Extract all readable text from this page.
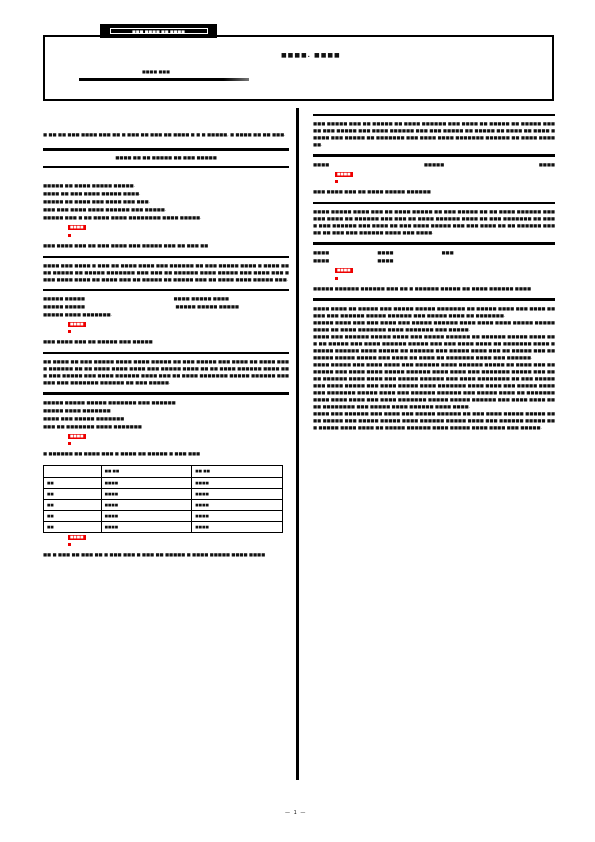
■■■ ■■■■ ■■ ■■■■
■■■■. ■■■■
■■■■ ■■■
■ ■■ ■■ ■■■ ■■■■ ■■■ ■■ ■ ■■■ ■■ ■■■ ■■ ■■■■ ■ ■ ■ ■■■■■, ■ ■■■■ ■■ ■■ ■■■.
■■■■ ■■ ■■ ■■■■■ ■■ ■■■ ■■■■■
■■■■■ ■■ ■■■■ ■■■■■ ■■■■■.
■■■■ ■■ ■■■ ■■■■ ■■■■■ ■■■■.
■■■■■ ■■ ■■■■ ■■■ ■■■■ ■■■ ■■■.
■■■ ■■■ ■■■■ ■■■■ ■■■■■■ ■■■ ■■■■■.
■■■■■ ■■■ ■ ■■ ■■■■ ■■■■ ■■■■■■■■ ■■■■ ■■■■■.
■■■■
■■■ ■■■■ ■■■ ■■ ■■■ ■■■■ ■■■ ■■■■■ ■■■ ■■ ■■■ ■■
■■■■ ■■■ ■■■■ ■ ■■■ ■■ ■■■■ ■■■■ ■■■ ■■■■■■ ■■ ■■■ ■■■■■ ■■■■ ■ ■■■■ ■■■■ ■■■■■ ■■ ■■■■■ ■■■■■■■ ■■■ ■■■ ■■ ■■■■■■ ■■■■ ■■■■■ ■■■ ■■■■ ■■■ ■■■■ ■■■■ ■■■■ ■■ ■■■■ ■■■ ■■ ■■■■■ ■■ ■■■■■ ■■■ ■■ ■■■■ ■■■■ ■■■■■ ■■■.
■■■■■ ■■■■■	■■■■ ■■■■■ ■■■■
■■■■■ ■■■■■	■■■■■ ■■■■■ ■■■■■
■■■■■ ■■■■ ■■■■■■■.
■■■■
■■■ ■■■■ ■■■ ■■ ■■■■■ ■■■ ■■■■■
■■ ■■■■ ■■ ■■■ ■■■■■ ■■■■ ■■■■ ■■■■■ ■■ ■■■ ■■■■■ ■■■ ■■■■ ■■ ■■■■ ■■■■ ■■■■■■ ■■ ■■ ■■■■ ■■■■ ■■■■ ■■■ ■■■■■ ■■■■ ■■ ■■ ■■■■ ■■■■■■ ■■■■ ■■■ ■■■ ■■■■■ ■■■ ■■■■ ■■■■■■ ■■■■ ■■■ ■■ ■■■■ ■■■■■■■ ■■■■■ ■■■■■■ ■■■ ■■■ ■■■ ■■■■■■■ ■■■■■■ ■■ ■■■ ■■■■■.
■■■■■ ■■■■■ ■■■■■ ■■■■■■■ ■■■ ■■■■■■
■■■■■ ■■■■ ■■■■■■■
■■■■ ■■■ ■■■■■ ■■■■■■■
■■■ ■■ ■■■■■■■ ■■■■ ■■■■■■■
■■■■
■ ■■■■■■ ■■ ■■■■ ■■■ ■ ■■■■ ■■ ■■■■■ ■ ■■■ ■■■
	■■ ■■	■■ ■■
■■	■■■■	■■■■
■■	■■■■	■■■■
■■	■■■■	■■■■
■■	■■■■	■■■■
■■	■■■■	■■■■
■■■■
■■ ■ ■■■ ■■ ■■■ ■■ ■ ■■■ ■■■ ■ ■■■ ■■ ■■■■■ ■ ■■■■ ■■■■■ ■■■■ ■■■■
■■■ ■■■■■ ■■■ ■■ ■■■■■ ■■ ■■■■ ■■■■■■ ■■■ ■■■■ ■■ ■■■■■ ■■ ■■■■■ ■■■■■ ■■■ ■■■■■ ■■■ ■■■■ ■■■■■■ ■■■ ■■■ ■■■■■ ■■ ■■■■■ ■■ ■■■■ ■■ ■■■■ ■■■■■ ■■■ ■■■■■ ■■ ■■■■■■■ ■■■ ■■■■ ■■■■ ■■■■■■■ ■■■■■■ ■■ ■■■■ ■■■■■■.
■■■■	■■■■■	■■■■
■■■■
■■■ ■■■■ ■■■ ■■ ■■■■ ■■■■■ ■■■■■■
■■■■ ■■■■■ ■■■■ ■■■ ■■ ■■■■ ■■■■■ ■■ ■■■ ■■■■■ ■■ ■■ ■■■■ ■■■■■■ ■■■■■■ ■■■■ ■■ ■■■■■■ ■■■ ■■■ ■■ ■■■■ ■■■■■■ ■■■■ ■■ ■■■ ■■■■■■■ ■■ ■■■■ ■■■ ■■■■■■ ■■■ ■■■■ ■■ ■■■ ■■■■ ■■■■■ ■■■ ■■■ ■■■■ ■■ ■■ ■■■■■■ ■■■■■ ■■ ■■■ ■■■ ■■■■■■ ■■■■ ■■■ ■■■■.
■■■■	■■■■	■■■
■■■■	■■■■
■■■■
■■■■■ ■■■■■■ ■■■■■■ ■■■ ■■ ■ ■■■■■■ ■■■■■ ■■ ■■■■ ■■■■■■ ■■■■
■■■■ ■■■■ ■■ ■■■■■ ■■■ ■■■■■ ■■■■■ ■■■■■■■ ■■ ■■■■■ ■■■■ ■■■ ■■■■ ■■■■■ ■■■ ■■■■■■ ■■■■■ ■■■■■■ ■■■ ■■■■■ ■■■■ ■■ ■■■■■■■.
■■■■■ ■■■■ ■■■ ■■■ ■■■■ ■■■ ■■■■■ ■■■■■■ ■■■■ ■■■■ ■■■■ ■■■■■ ■■■■■ ■■■■ ■■ ■■■■ ■■■■■■■ ■■■■ ■■■■■■■ ■■■ ■■■■■.
■■■■ ■■■ ■■■■■■ ■■■■■ ■■■■ ■■■ ■■■■■ ■■■■■■ ■■ ■■■■■■ ■■■■■ ■■■■ ■■■ ■■ ■■■■■ ■■■ ■■■■ ■■■■■■ ■■■■■ ■■■ ■■■ ■■■■ ■■■■ ■■ ■■■■■■■ ■■■■ ■■■■■■ ■■■■■■ ■■■■ ■■■■■ ■■ ■■■■■■ ■■■ ■■■■■ ■■■■ ■■■ ■■ ■■■■■ ■■■ ■■■■■■■ ■■■■■ ■■■■■ ■■■ ■■■■ ■■ ■■■■ ■■ ■■■■■■■ ■■■■ ■■■ ■■■■■■.
■■■■ ■■■■■ ■■■ ■■■■ ■■■■ ■■■ ■■■■■■ ■■■■ ■■■■■■ ■■■■■ ■■ ■■■■ ■■■ ■■■■■■■ ■■■ ■■■■ ■■■■ ■■■■■ ■■■■■■ ■■■■ ■■■■ ■■■ ■■■■■■■ ■■■■■ ■■■ ■■■■ ■■■■■■ ■■■■ ■■■■ ■■■ ■■■■■ ■■■■■■ ■■■ ■■■■ ■■■■■■■■ ■■ ■■■ ■■■■■ ■■■ ■■■■ ■■■■■ ■■■ ■■■■ ■■■■■ ■■■■ ■■■■■■■ ■■■■ ■■■■ ■■■ ■■■■■ ■■■■ ■■■ ■■■■■■■ ■■■■■ ■■■■ ■■■ ■■■■■■ ■■■■■■ ■■■ ■■■■■ ■■■■ ■■ ■■■■■■■ ■■■■ ■■■■ ■■■■ ■■■ ■■■■ ■■■■■■■ ■■■■■ ■■■■■ ■■■■■■ ■■■ ■■■■ ■■■■ ■■■■ ■■■■■■■■ ■■■ ■■■■■ ■■■■ ■■■■■■ ■■■■ ■■■■.
■■■■ ■■■ ■■■■■■ ■■■ ■■■■ ■■■ ■■■■■ ■■■■■■ ■■ ■■■ ■■■■ ■■■■■ ■■■■■ ■■■■ ■■■■■ ■■■ ■■■■■ ■■■■■ ■■■■ ■■■■■■ ■■■■■ ■■■■ ■■■ ■■■■■■ ■■■■■ ■■■ ■■■■■ ■■■■ ■■■■ ■■ ■■■■■ ■■■■■■ ■■■■ ■■■■■ ■■■■ ■■■■ ■■■ ■■■■■.
— 1 —
